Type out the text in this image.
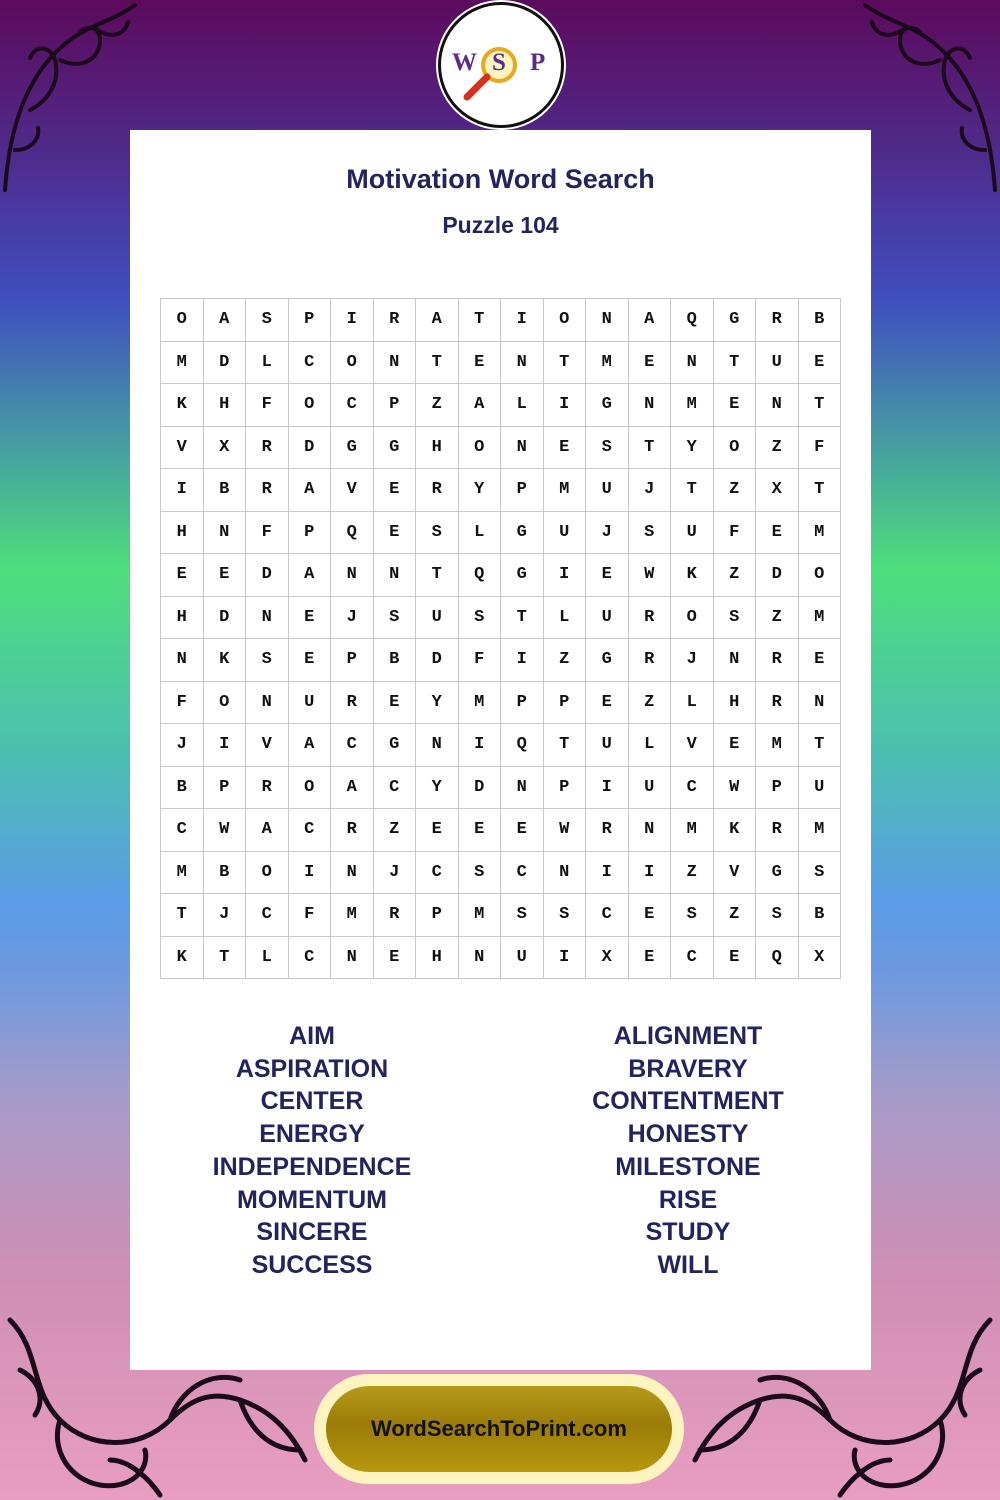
W S P
Motivation Word Search
Puzzle 104
O	A	S	P	I	R	A	T	I	O	N	A	Q	G	R	B
M	D	L	C	O	N	T	E	N	T	M	E	N	T	U	E
K	H	F	O	C	P	Z	A	L	I	G	N	M	E	N	T
V	X	R	D	G	G	H	O	N	E	S	T	Y	O	Z	F
I	B	R	A	V	E	R	Y	P	M	U	J	T	Z	X	T
H	N	F	P	Q	E	S	L	G	U	J	S	U	F	E	M
E	E	D	A	N	N	T	Q	G	I	E	W	K	Z	D	O
H	D	N	E	J	S	U	S	T	L	U	R	O	S	Z	M
N	K	S	E	P	B	D	F	I	Z	G	R	J	N	R	E
F	O	N	U	R	E	Y	M	P	P	E	Z	L	H	R	N
J	I	V	A	C	G	N	I	Q	T	U	L	V	E	M	T
B	P	R	O	A	C	Y	D	N	P	I	U	C	W	P	U
C	W	A	C	R	Z	E	E	E	W	R	N	M	K	R	M
M	B	O	I	N	J	C	S	C	N	I	I	Z	V	G	S
T	J	C	F	M	R	P	M	S	S	C	E	S	Z	S	B
K	T	L	C	N	E	H	N	U	I	X	E	C	E	Q	X
AIM
ASPIRATION
CENTER
ENERGY
INDEPENDENCE
MOMENTUM
SINCERE
SUCCESS
ALIGNMENT
BRAVERY
CONTENTMENT
HONESTY
MILESTONE
RISE
STUDY
WILL
WordSearchToPrint.com
